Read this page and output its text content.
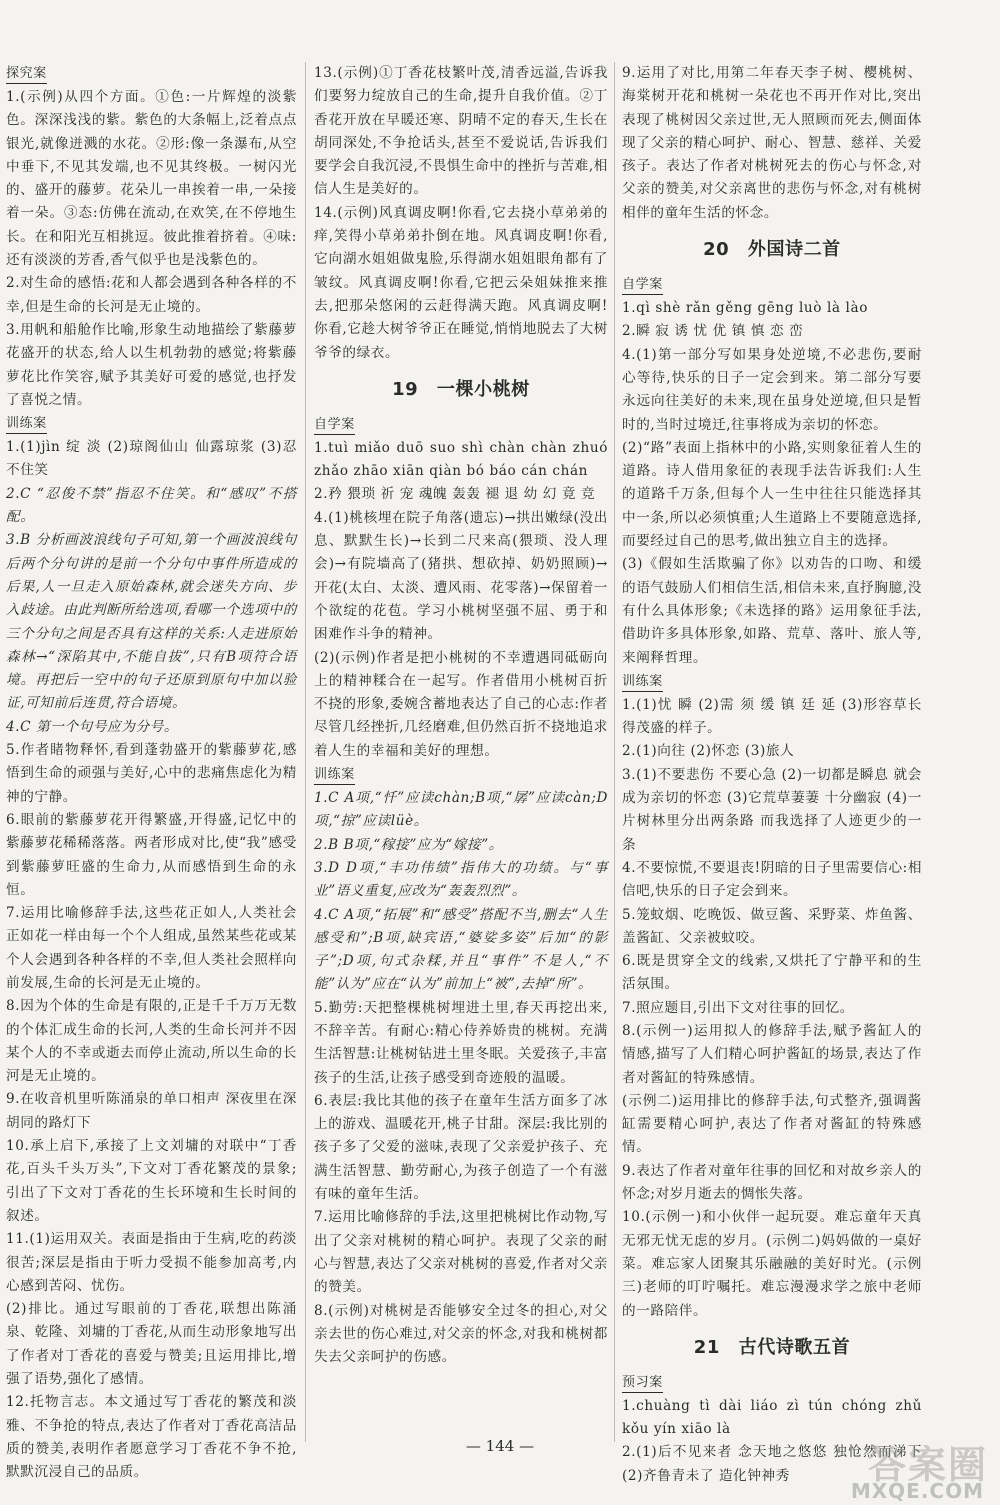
探究案

1.(示例)从四个方面。①色:一片辉煌的淡紫色。深深浅浅的紫。紫色的大条幅上,泛着点点银光,就像迸溅的水花。②形:像一条瀑布,从空中垂下,不见其发端,也不见其终极。一树闪光的、盛开的藤萝。花朵儿一串挨着一串,一朵接着一朵。③态:仿佛在流动,在欢笑,在不停地生长。在和阳光互相挑逗。彼此推着挤着。④味:还有淡淡的芳香,香气似乎也是浅紫色的。

2.对生命的感悟:花和人都会遇到各种各样的不幸,但是生命的长河是无止境的。

3.用帆和船舱作比喻,形象生动地描绘了紫藤萝花盛开的状态,给人以生机勃勃的感觉;将紫藤萝花比作笑容,赋予其美好可爱的感觉,也抒发了喜悦之情。

训练案

1.(1)jìn 绽 淡 (2)琼阁仙山 仙露琼浆 (3)忍不住笑

2.C “忍俊不禁”指忍不住笑。和“感叹”不搭配。

3.B 分析画波浪线句子可知,第一个画波浪线句后两个分句讲的是前一个分句中事件所造成的后果,人一旦走入原始森林,就会迷失方向、步入歧途。由此判断所给选项,看哪一个选项中的三个分句之间是否具有这样的关系:人走进原始森林→“深陷其中,不能自拔”,只有B项符合语境。再把后一空中的句子还原到原句中加以验证,可知前后连贯,符合语境。

4.C 第一个句号应为分号。

5.作者睹物释怀,看到蓬勃盛开的紫藤萝花,感悟到生命的顽强与美好,心中的悲痛焦虑化为精神的宁静。

6.眼前的紫藤萝花开得繁盛,开得盛,记忆中的紫藤萝花稀稀落落。两者形成对比,使“我”感受到紫藤萝旺盛的生命力,从而感悟到生命的永恒。

7.运用比喻修辞手法,这些花正如人,人类社会正如花一样由每一个个人组成,虽然某些花或某个人会遇到各种各样的不幸,但人类社会照样向前发展,生命的长河是无止境的。

8.因为个体的生命是有限的,正是千千万万无数的个体汇成生命的长河,人类的生命长河并不因某个人的不幸或逝去而停止流动,所以生命的长河是无止境的。

9.在收音机里听陈涌泉的单口相声 深夜里在深胡同的路灯下

10.承上启下,承接了上文刘墉的对联中“丁香花,百头千头万头”,下文对丁香花繁茂的景象;引出了下文对丁香花的生长环境和生长时间的叙述。

11.(1)运用双关。表面是指由于生病,吃的药淡很苦;深层是指由于听力受损不能参加高考,内心感到苦闷、忧伤。

(2)排比。通过写眼前的丁香花,联想出陈涌泉、乾隆、刘墉的丁香花,从而生动形象地写出了作者对丁香花的喜爱与赞美;且运用排比,增强了语势,强化了感情。

12.托物言志。本文通过写丁香花的繁茂和淡雅、不争抢的特点,表达了作者对丁香花高洁品质的赞美,表明作者愿意学习丁香花不争不抢,默默沉浸自己的品质。

13.(示例)①丁香花枝繁叶茂,清香远溢,告诉我们要努力绽放自己的生命,提升自我价值。②丁香花开放在早暖还寒、阴晴不定的春天,生长在胡同深处,不争抢话头,甚至不爱说话,告诉我们要学会自我沉浸,不畏惧生命中的挫折与苦难,相信人生是美好的。

14.(示例)风真调皮啊!你看,它去挠小草弟弟的痒,笑得小草弟弟扑倒在地。风真调皮啊!你看,它向湖水姐姐做鬼脸,乐得湖水姐姐眼角都有了皱纹。风真调皮啊!你看,它把云朵姐妹推来推去,把那朵悠闲的云赶得满天跑。风真调皮啊!你看,它趁大树爷爷正在睡觉,悄悄地脱去了大树爷爷的绿衣。

19　一棵小桃树
自学案

1.tuì miǎo duō suo shì chàn chàn zhuó zhǎo zhāo xiān qiàn bó báo cán chán

2.矜 猥琐 祈 宠 魂魄 轰轰 褪 退 幼 幻 竟 竞

4.(1)桃核埋在院子角落(遗忘)→拱出嫩绿(没出息、默默生长)→长到二尺来高(猥琐、没人理会)→有院墙高了(猪拱、想砍掉、奶奶照顾)→开花(太白、太淡、遭风雨、花零落)→保留着一个欲绽的花苞。学习小桃树坚强不屈、勇于和困难作斗争的精神。

(2)(示例)作者是把小桃树的不幸遭遇同砥砺向上的精神糅合在一起写。作者借用小桃树百折不挠的形象,委婉含蓄地表达了自己的心志:作者尽管几经挫折,几经磨难,但仍然百折不挠地追求着人生的幸福和美好的理想。

训练案

1.C A项,“忏”应读chàn;B项,“孱”应读càn;D项,“掠”应读lüè。

2.B B项,“稼接”应为“嫁接”。

3.D D项,“丰功伟绩”指伟大的功绩。与“事业”语义重复,应改为“轰轰烈烈”。

4.C A项,“拓展”和“感受”搭配不当,删去“人生感受和”;B项,缺宾语,“婆娑多姿”后加“的影子”;D项,句式杂糅,并且“事件”不是人,“不能”认为”应在“认为”前加上“被”,去掉“所”。

5.勤劳:天把整棵桃树埋进土里,春天再挖出来,不辞辛苦。有耐心:精心侍养娇贵的桃树。充满生活智慧:让桃树钻进土里冬眠。关爱孩子,丰富孩子的生活,让孩子感受到奇迹般的温暖。

6.表层:我比其他的孩子在童年生活方面多了冰上的游戏、温暖花开,桃子甘甜。深层:我比别的孩子多了父爱的滋味,表现了父亲爱护孩子、充满生活智慧、勤劳耐心,为孩子创造了一个有滋有味的童年生活。

7.运用比喻修辞的手法,这里把桃树比作动物,写出了父亲对桃树的精心呵护。表现了父亲的耐心与智慧,表达了父亲对桃树的喜爱,作者对父亲的赞美。

8.(示例)对桃树是否能够安全过冬的担心,对父亲去世的伤心难过,对父亲的怀念,对我和桃树都失去父亲呵护的伤感。

9.运用了对比,用第二年春天李子树、樱桃树、海棠树开花和桃树一朵花也不再开作对比,突出表现了桃树因父亲过世,无人照顾而死去,侧面体现了父亲的精心呵护、耐心、智慧、慈祥、关爱孩子。表达了作者对桃树死去的伤心与怀念,对父亲的赞美,对父亲离世的悲伤与怀念,对有桃树相伴的童年生活的怀念。

20　外国诗二首
自学案

1.qì shè rǎn gěng gēng luò là lào

2.瞬 寂 诱 忧 优 镇 慎 恋 峦

4.(1)第一部分写如果身处逆境,不必悲伤,要耐心等待,快乐的日子一定会到来。第二部分写要永远向往美好的未来,现在虽身处逆境,但只是暂时的,当时过境迁,往事将成为亲切的怀恋。

(2)“路”表面上指林中的小路,实则象征着人生的道路。诗人借用象征的表现手法告诉我们:人生的道路千万条,但每个人一生中往往只能选择其中一条,所以必须慎重;人生道路上不要随意选择,而要经过自己的思考,做出独立自主的选择。

(3)《假如生活欺骗了你》以劝告的口吻、和缓的语气鼓励人们相信生活,相信未来,直抒胸臆,没有什么具体形象;《未选择的路》运用象征手法,借助许多具体形象,如路、荒草、落叶、旅人等,来阐释哲理。

训练案

1.(1)忧 瞬 (2)需 须 缓 镇 廷 延 (3)形容草长得茂盛的样子。

2.(1)向往 (2)怀恋 (3)旅人

3.(1)不要悲伤 不要心急 (2)一切都是瞬息 就会成为亲切的怀恋 (3)它荒草萋萋 十分幽寂 (4)一片树林里分出两条路 而我选择了人迹更少的一条

4.不要惊慌,不要退丧!阴暗的日子里需要信心:相信吧,快乐的日子定会到来。

5.笼蚊烟、吃晚饭、做豆酱、采野菜、炸鱼酱、盖酱缸、父亲被蚊咬。

6.既是贯穿全文的线索,又烘托了宁静平和的生活氛围。

7.照应题目,引出下文对往事的回忆。

8.(示例一)运用拟人的修辞手法,赋予酱缸人的情感,描写了人们精心呵护酱缸的场景,表达了作者对酱缸的特殊感情。

(示例二)运用排比的修辞手法,句式整齐,强调酱缸需要精心呵护,表达了作者对酱缸的特殊感情。

9.表达了作者对童年往事的回忆和对故乡亲人的怀念;对岁月逝去的惆怅失落。

10.(示例一)和小伙伴一起玩耍。难忘童年天真无邪无忧无虑的岁月。(示例二)妈妈做的一桌好菜。难忘家人团聚其乐融融的美好时光。(示例三)老师的叮咛嘱托。难忘漫漫求学之旅中老师的一路陪伴。

21　古代诗歌五首
预习案

1.chuàng tì dài liáo zì tún chóng zhǔ kǒu yín xiāo là

2.(1)后不见来者 念天地之悠悠 独怆然而涕下 (2)齐鲁青未了 造化钟神秀

— 144 —	答案圈
MXQE.COM
